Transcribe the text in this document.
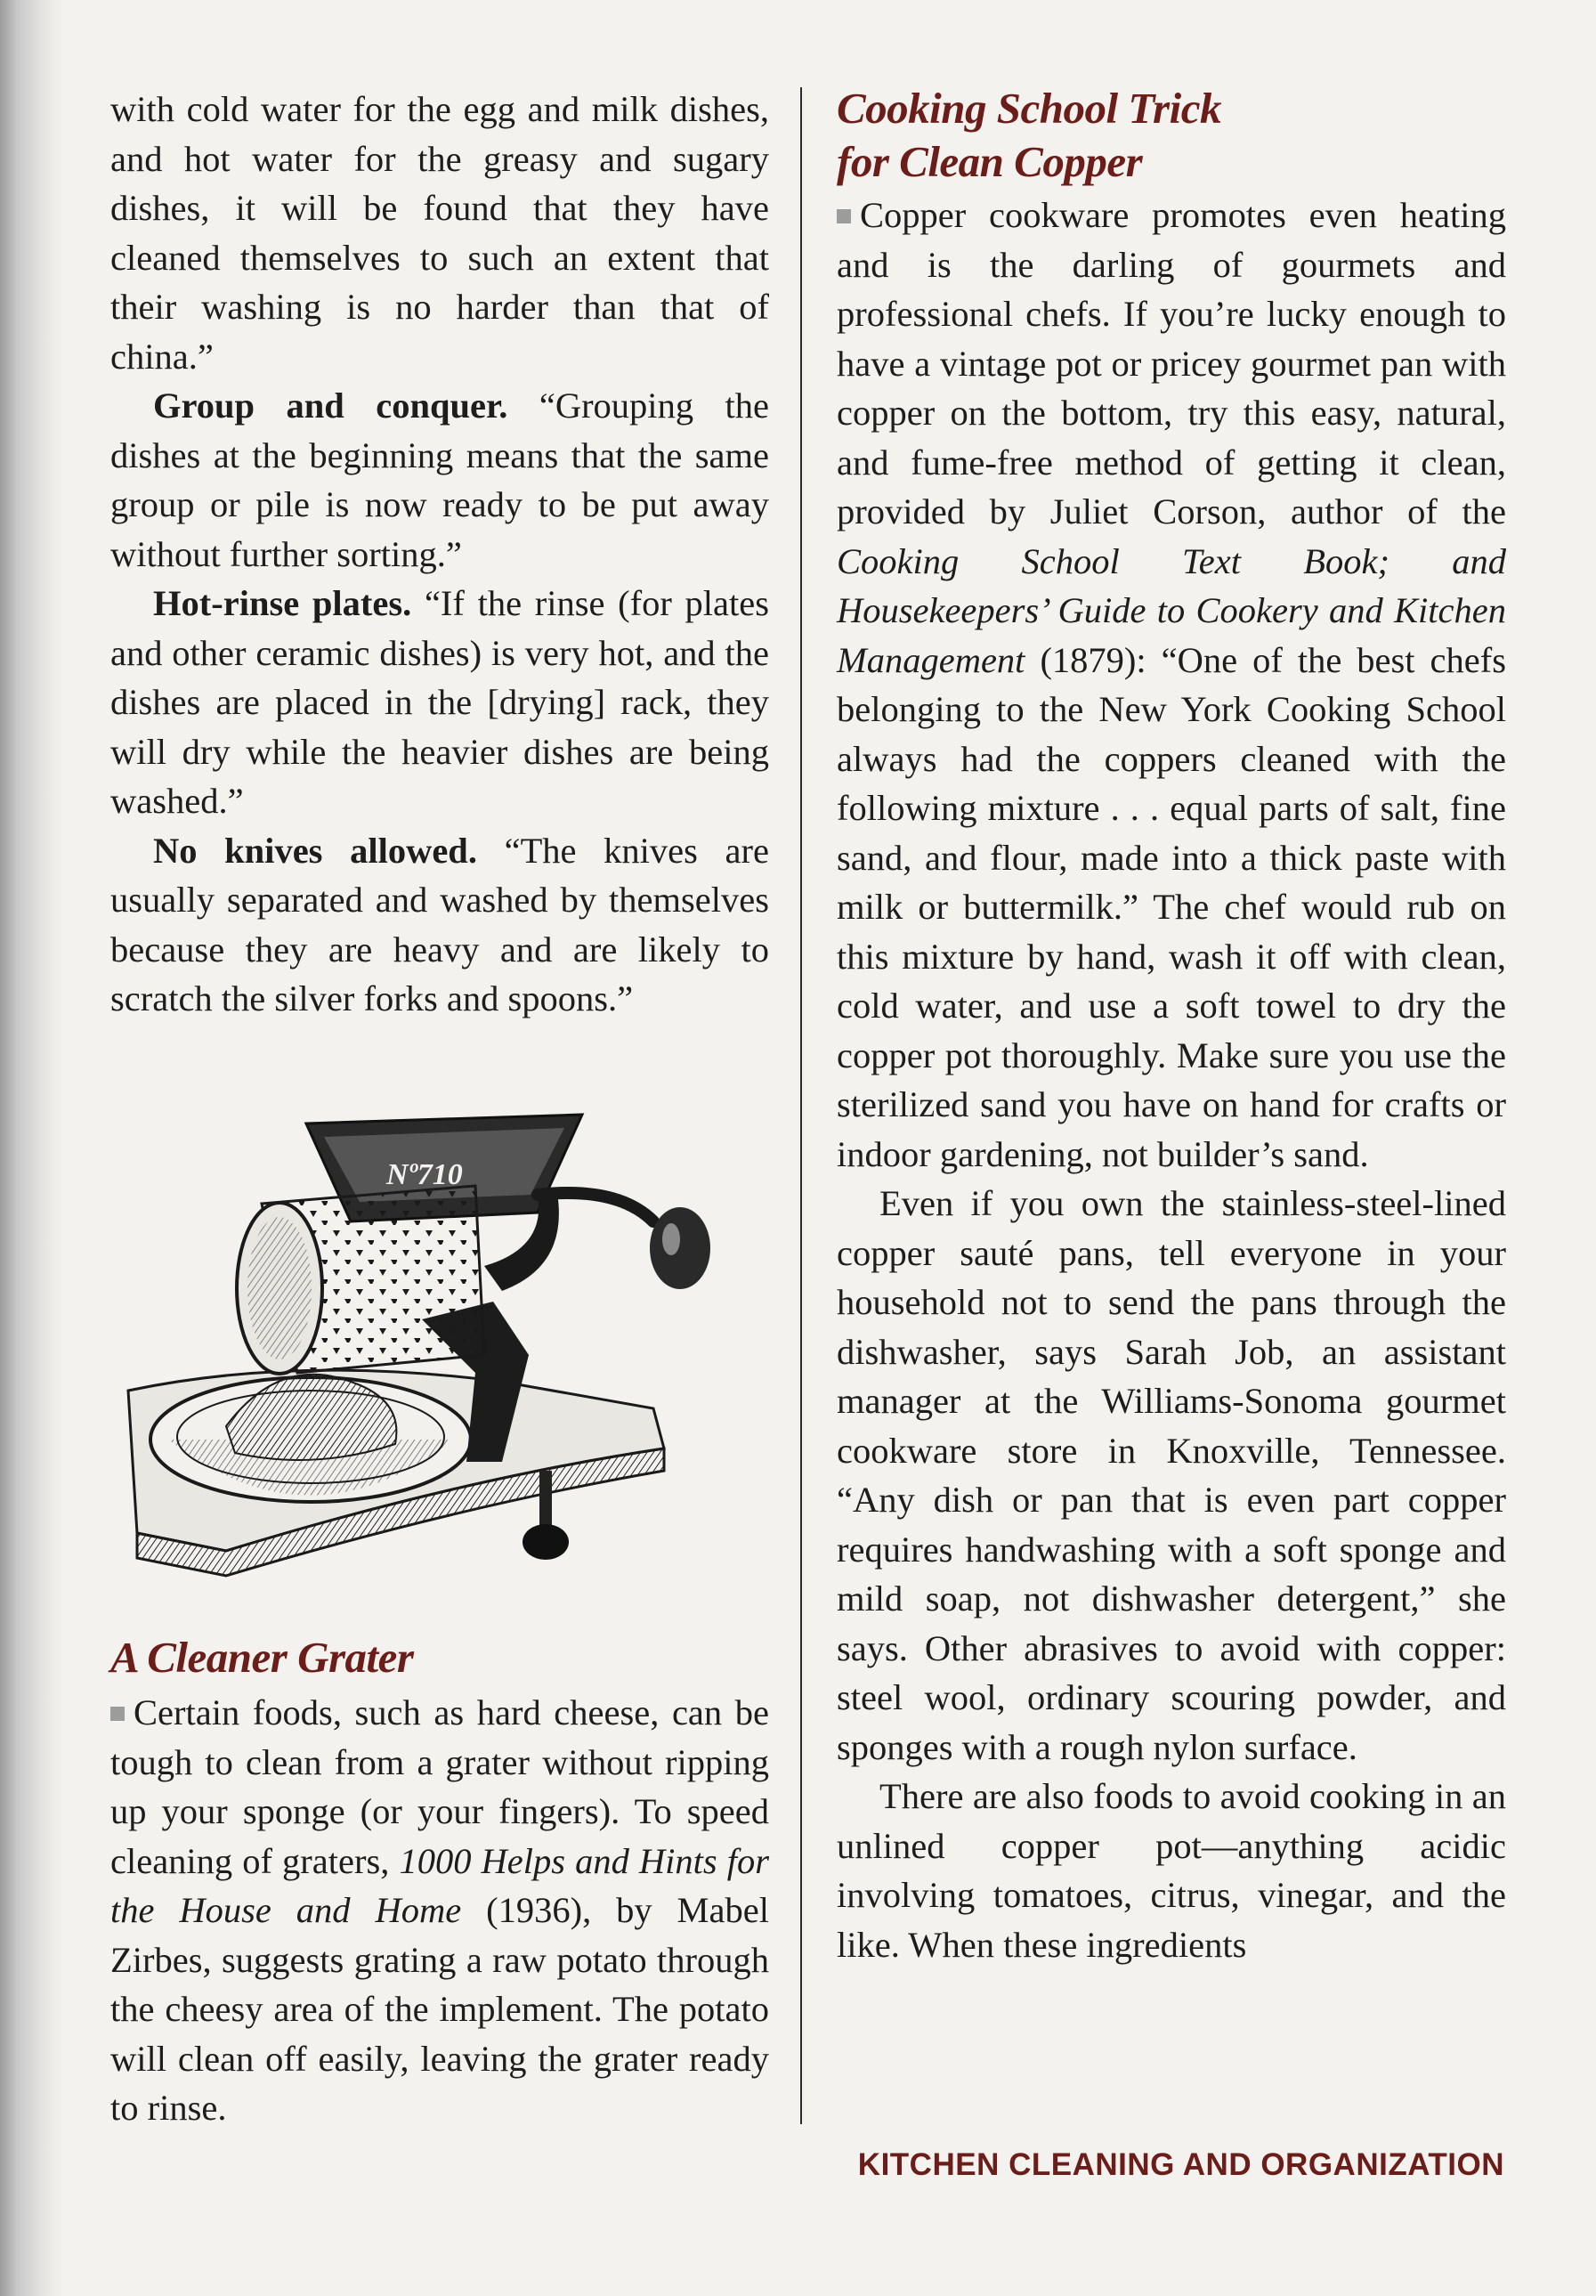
with cold water for the egg and milk dishes, and hot water for the greasy and sugary dishes, it will be found that they have cleaned themselves to such an extent that their washing is no harder than that of china.”

Group and conquer. “Grouping the dishes at the beginning means that the same group or pile is now ready to be put away without further sorting.”

Hot-rinse plates. “If the rinse (for plates and other ceramic dishes) is very hot, and the dishes are placed in the [drying] rack, they will dry while the heavier dishes are being washed.”

No knives allowed. “The knives are usually separated and washed by themselves because they are heavy and are likely to scratch the silver forks and spoons.”

Nº710
A Cleaner Grater

Certain foods, such as hard cheese, can be tough to clean from a grater without ripping up your sponge (or your fingers). To speed cleaning of graters, 1000 Helps and Hints for the House and Home (1936), by Mabel Zirbes, suggests grating a raw potato through the cheesy area of the implement. The potato will clean off easily, leaving the grater ready to rinse.

Cooking School Trick
for Clean Copper

Copper cookware promotes even heating and is the darling of gourmets and professional chefs. If you’re lucky enough to have a vintage pot or pricey gourmet pan with copper on the bottom, try this easy, natural, and fume-free method of getting it clean, provided by Juliet Corson, author of the Cooking School Text Book; and Housekeepers’ Guide to Cookery and Kitchen Management (1879): “One of the best chefs belonging to the New York Cooking School always had the coppers cleaned with the following mixture . . . equal parts of salt, fine sand, and flour, made into a thick paste with milk or buttermilk.” The chef would rub on this mixture by hand, wash it off with clean, cold water, and use a soft towel to dry the copper pot thoroughly. Make sure you use the sterilized sand you have on hand for crafts or indoor gardening, not builder’s sand.

Even if you own the stainless-steel-lined copper sauté pans, tell everyone in your household not to send the pans through the dishwasher, says Sarah Job, an assistant manager at the Williams-Sonoma gourmet cookware store in Knoxville, Tennessee. “Any dish or pan that is even part copper requires handwashing with a soft sponge and mild soap, not dishwasher detergent,” she says. Other abrasives to avoid with copper: steel wool, ordinary scouring powder, and sponges with a rough nylon surface.

There are also foods to avoid cooking in an unlined copper pot—anything acidic involving tomatoes, citrus, vinegar, and the like. When these ingredients

KITCHEN CLEANING AND ORGANIZATION
